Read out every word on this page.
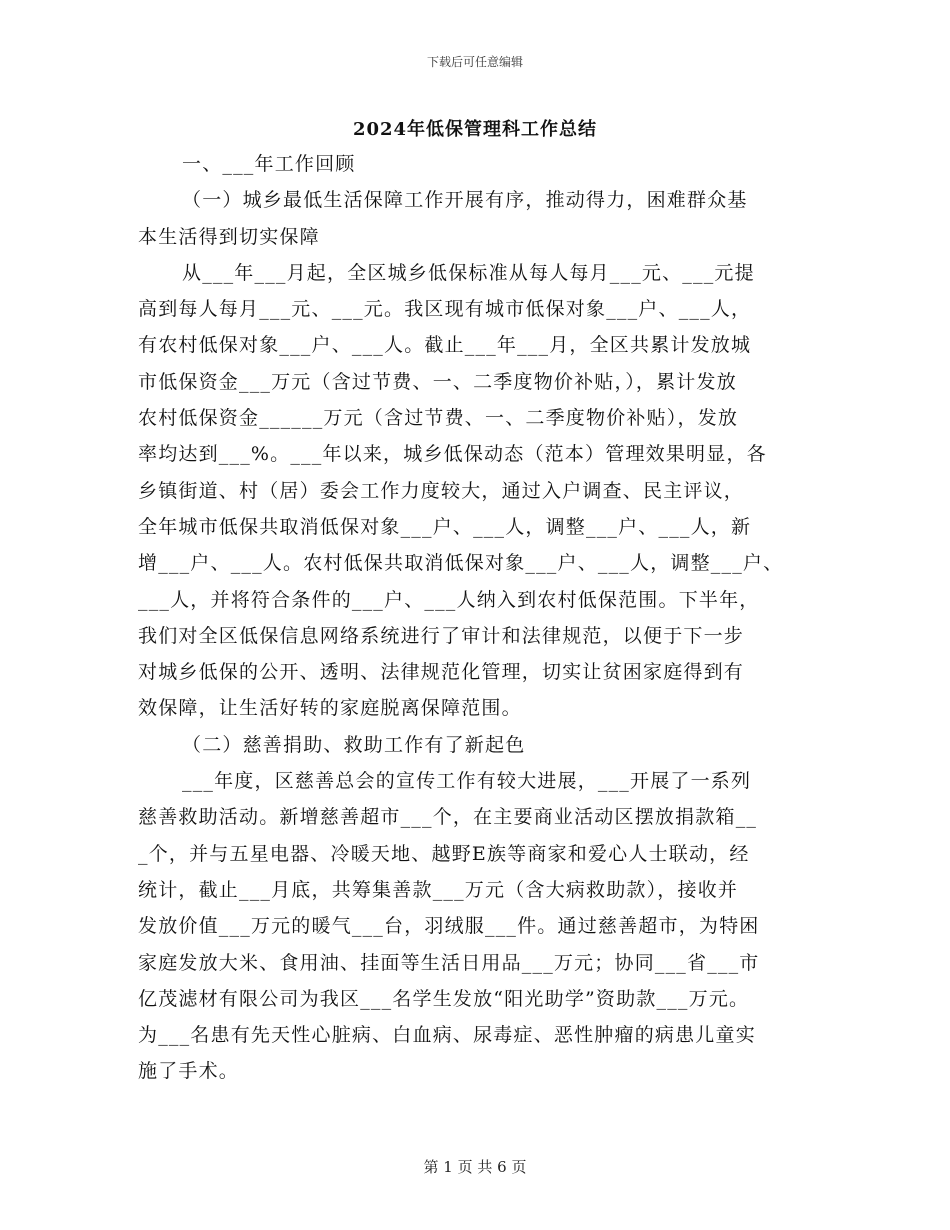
下载后可任意编辑
2024年低保管理科工作总结
一、___年工作回顾
（一）城乡最低生活保障工作开展有序，推动得力，困难群众基
本生活得到切实保障
从___年___月起，全区城乡低保标准从每人每月___元、___元提
高到每人每月___元、___元。我区现有城市低保对象___户、___人，
有农村低保对象___户、___人。截止___年___月，全区共累计发放城
市低保资金___万元（含过节费、一、二季度物价补贴，），累计发放
农村低保资金______万元（含过节费、一、二季度物价补贴），发放
率均达到___%。___年以来，城乡低保动态（范本）管理效果明显，各
乡镇街道、村（居）委会工作力度较大，通过入户调查、民主评议，
全年城市低保共取消低保对象___户、___人，调整___户、___人，新
增___户、___人。农村低保共取消低保对象___户、___人，调整___户、
___人，并将符合条件的___户、___人纳入到农村低保范围。下半年，
我们对全区低保信息网络系统进行了审计和法律规范，以便于下一步
对城乡低保的公开、透明、法律规范化管理，切实让贫困家庭得到有
效保障，让生活好转的家庭脱离保障范围。
（二）慈善捐助、救助工作有了新起色
___年度，区慈善总会的宣传工作有较大进展，___开展了一系列
慈善救助活动。新增慈善超市___个，在主要商业活动区摆放捐款箱__
_个，并与五星电器、冷暖天地、越野E族等商家和爱心人士联动，经
统计，截止___月底，共筹集善款___万元（含大病救助款），接收并
发放价值___万元的暖气___台，羽绒服___件。通过慈善超市，为特困
家庭发放大米、食用油、挂面等生活日用品___万元；协同___省___市
亿茂滤材有限公司为我区___名学生发放“阳光助学”资助款___万元。
为___名患有先天性心脏病、白血病、尿毒症、恶性肿瘤的病患儿童实
施了手术。
第 1 页 共 6 页
